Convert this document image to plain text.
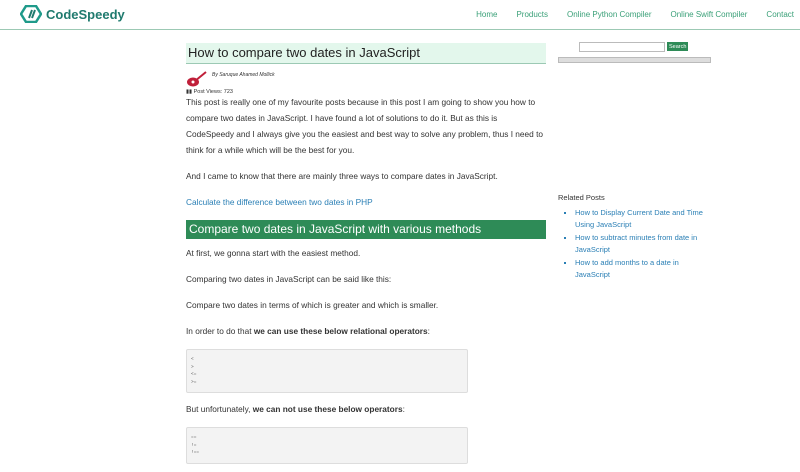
CodeSpeedy	Home Products Online Python Compiler Online Swift Compiler Contact
How to compare two dates in JavaScript
By Saruque Ahamed Mollick
▮▮ Post Views: 723

This post is really one of my favourite posts because in this post I am going to show you how to compare two dates in JavaScript. I have found a lot of solutions to do it. But as this is CodeSpeedy and I always give you the easiest and best way to solve any problem, thus I need to think for a while which will be the best for you.

And I came to know that there are mainly three ways to compare dates in JavaScript.

Calculate the difference between two dates in PHP

Compare two dates in JavaScript with various methods

At first, we gonna start with the easiest method.

Comparing two dates in JavaScript can be said like this:

Compare two dates in terms of which is greater and which is smaller.

In order to do that we can use these below relational operators:

<
>
<=
>=

But unfortunately, we can not use these below operators:

==
!=
!==
Search
Related Posts
▪ How to Display Current Date and Time Using JavaScript
▪ How to subtract minutes from date in JavaScript
▪ How to add months to a date in JavaScript
